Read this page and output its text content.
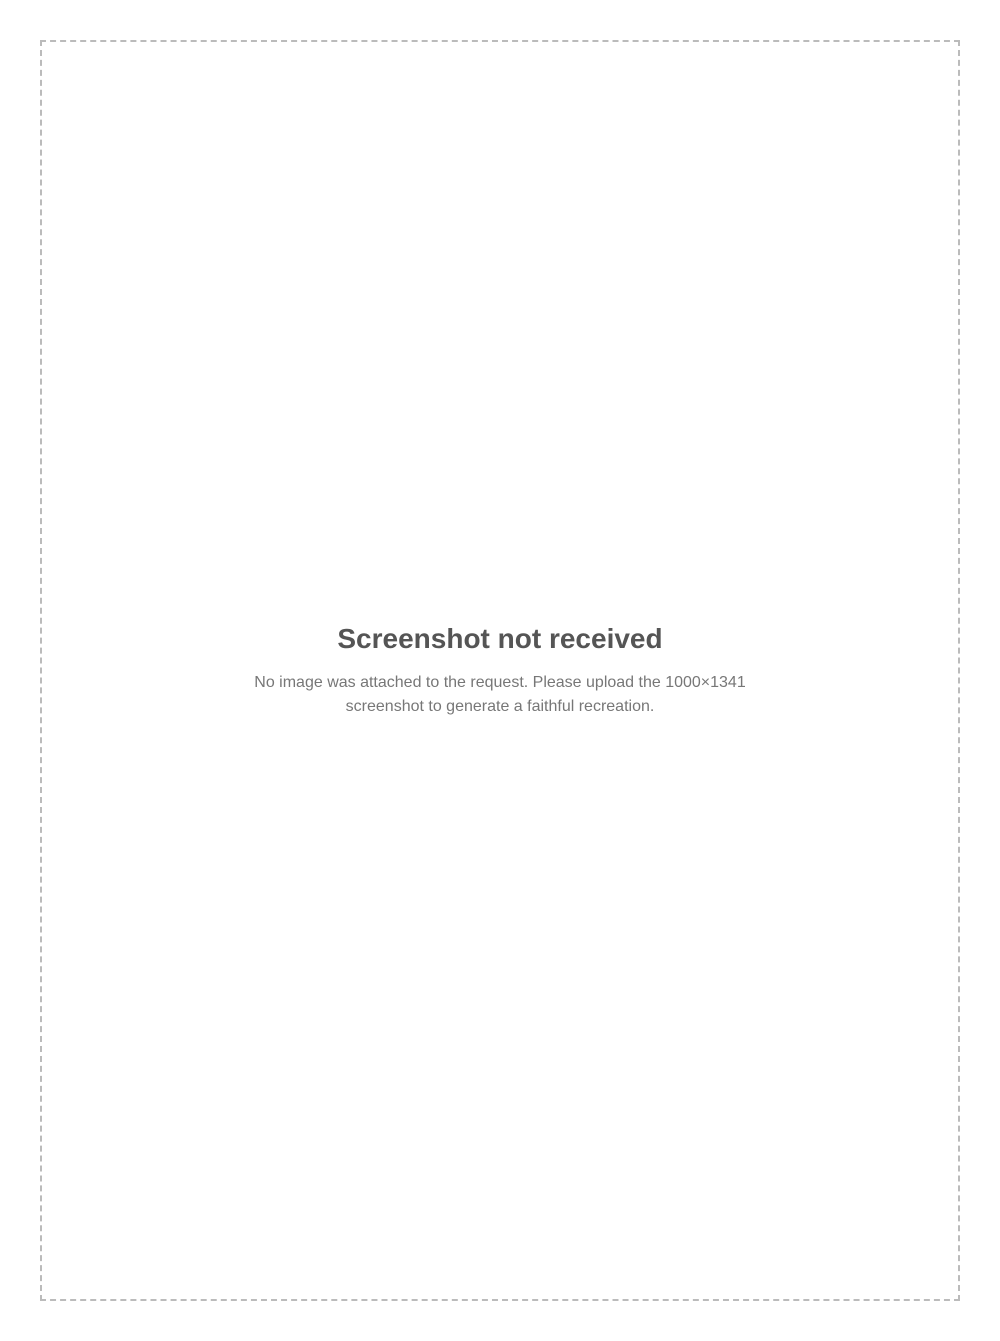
Screenshot not received
No image was attached to the request. Please upload the 1000×1341 screenshot to generate a faithful recreation.
